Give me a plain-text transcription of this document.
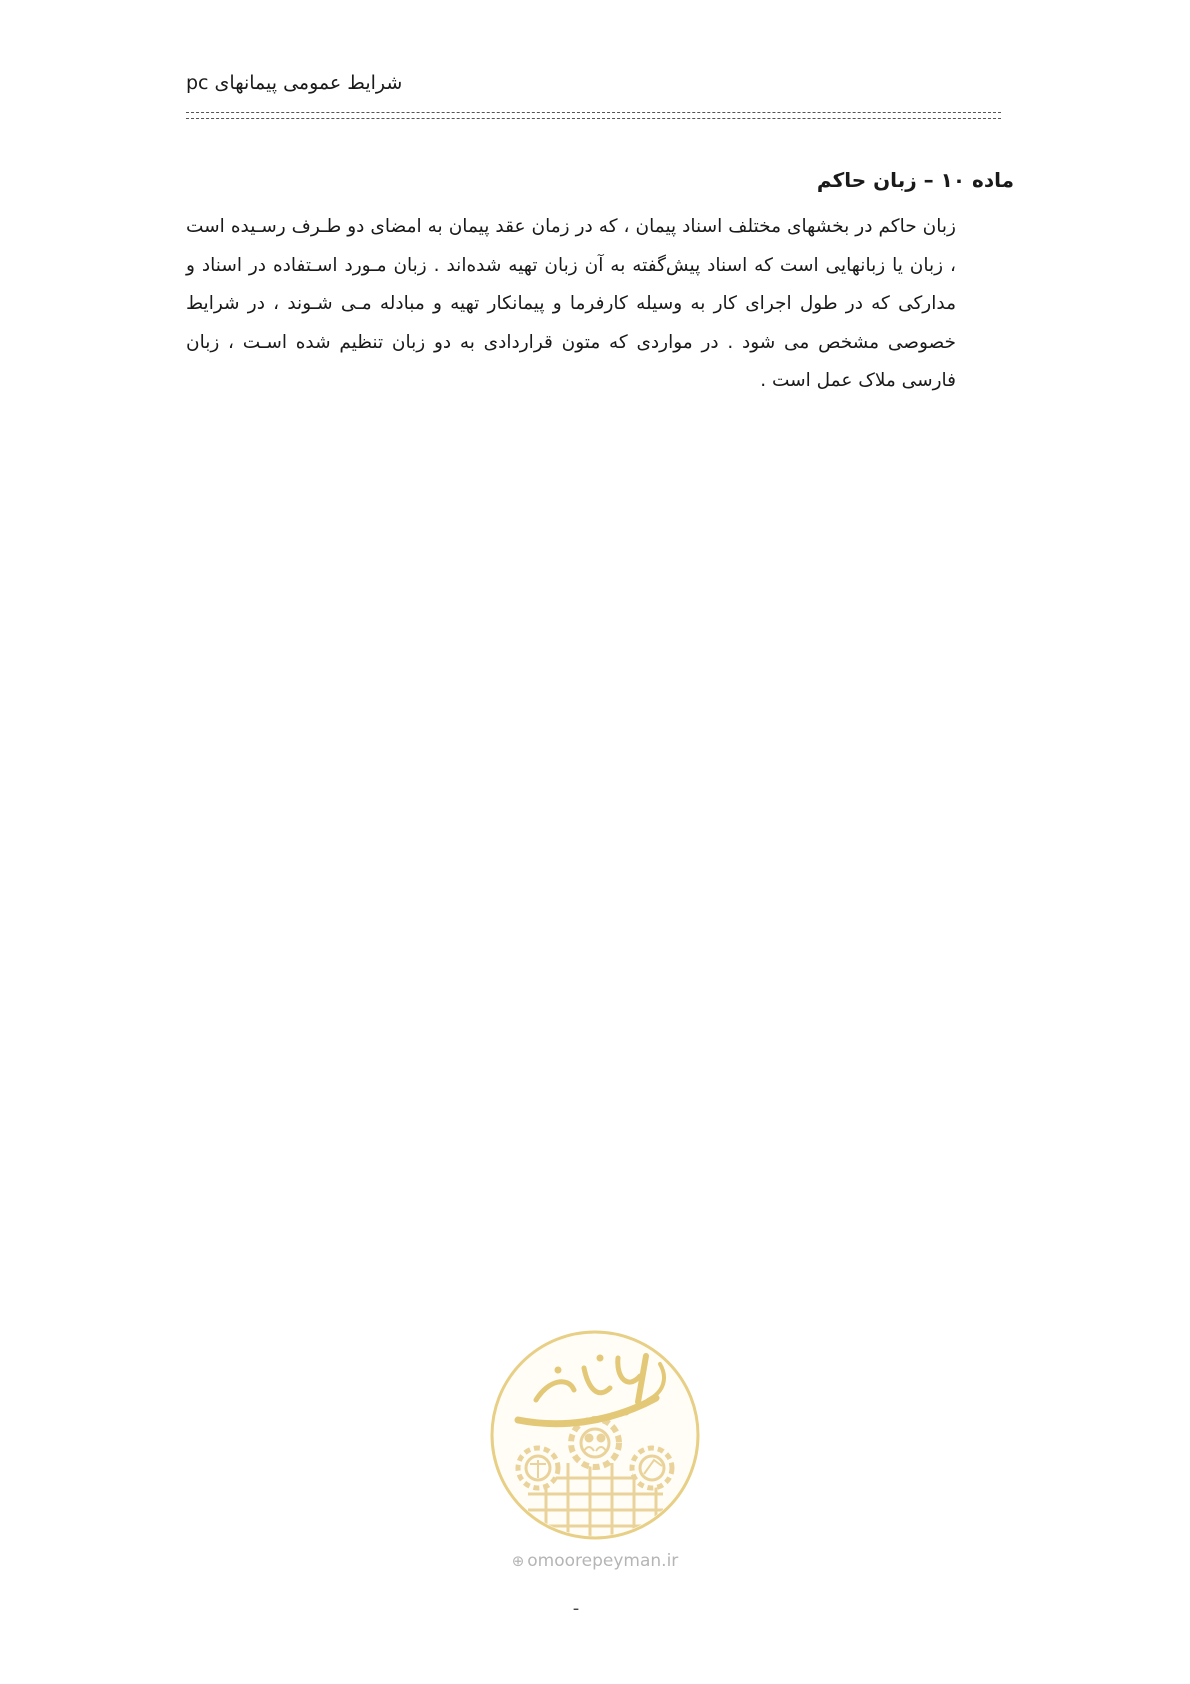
شرایط عمومی پیمانهای pc
ماده ۱۰ – زبان حاکم
زبان حاکم در بخشهای مختلف اسناد پیمان ، که در زمان عقد پیمان به امضای دو طـرف رسـیده است ، زبان یا زبانهایی است که اسناد پیش‌گفته به آن زبان تهیه شده‌اند . زبان مـورد اسـتفاده در اسناد و مدارکی که در طول اجرای کار به وسیله کارفرما و پیمانکار تهیه و مبادله مـی شـوند ، در شرایط خصوصی مشخص می شود . در مواردی که متون قراردادی به دو زبان تنظیم شده اسـت ، زبان فارسی ملاک عمل است .
⊕ omoorepeyman.ir
-
